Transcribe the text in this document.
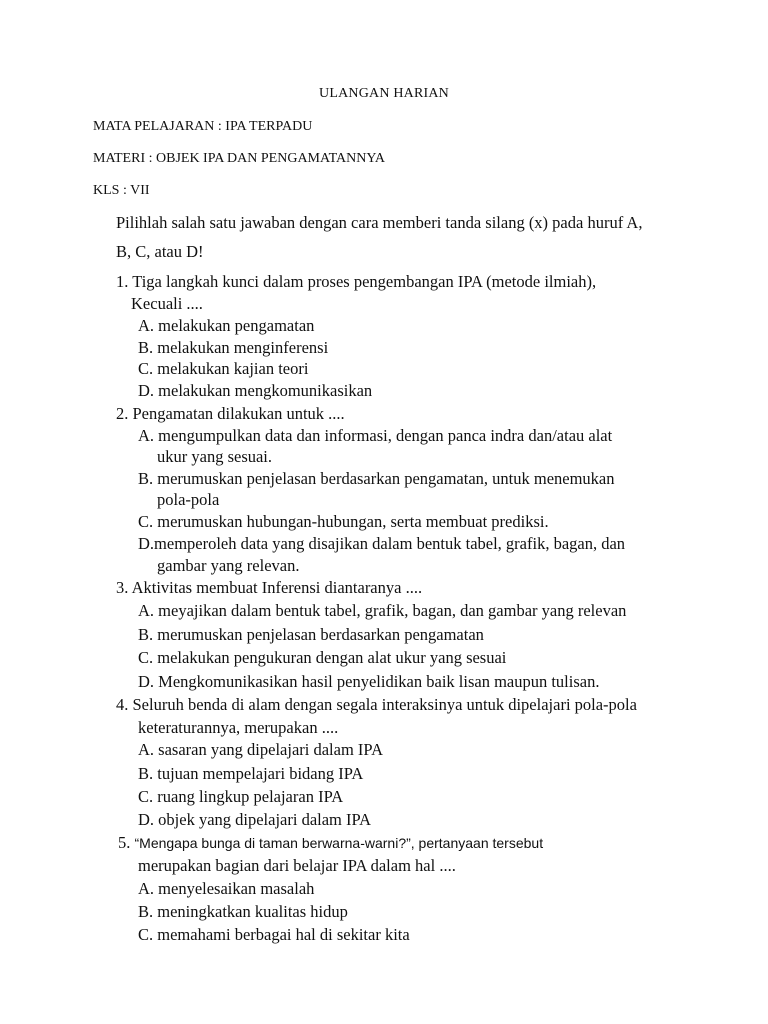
ULANGAN HARIAN
MATA PELAJARAN : IPA TERPADU
MATERI : OBJEK IPA DAN PENGAMATANNYA
KLS : VII
Pilihlah salah satu jawaban dengan cara memberi tanda silang (x) pada huruf A,
B, C, atau D!
1. Tiga langkah kunci dalam proses pengembangan IPA (metode ilmiah),
Kecuali ....
A. melakukan pengamatan
B. melakukan menginferensi
C. melakukan kajian teori
D. melakukan mengkomunikasikan
2. Pengamatan dilakukan untuk ....
A. mengumpulkan data dan informasi, dengan panca indra dan/atau alat
ukur yang sesuai.
B. merumuskan penjelasan berdasarkan pengamatan, untuk menemukan
pola-pola
C. merumuskan hubungan-hubungan, serta membuat prediksi.
D.memperoleh data yang disajikan dalam bentuk tabel, grafik, bagan, dan
gambar yang relevan.
3. Aktivitas membuat Inferensi diantaranya ....
A. meyajikan dalam bentuk tabel, grafik, bagan, dan gambar yang relevan
B. merumuskan penjelasan berdasarkan pengamatan
C. melakukan pengukuran dengan alat ukur yang sesuai
D. Mengkomunikasikan hasil penyelidikan baik lisan maupun tulisan.
4. Seluruh benda di alam dengan segala interaksinya untuk dipelajari pola-pola
keteraturannya, merupakan ....
A. sasaran yang dipelajari dalam IPA
B. tujuan mempelajari bidang IPA
C. ruang lingkup pelajaran IPA
D. objek yang dipelajari dalam IPA
5. “Mengapa bunga di taman berwarna-warni?”, pertanyaan tersebut
merupakan bagian dari belajar IPA dalam hal ....
A. menyelesaikan masalah
B. meningkatkan kualitas hidup
C. memahami berbagai hal di sekitar kita
